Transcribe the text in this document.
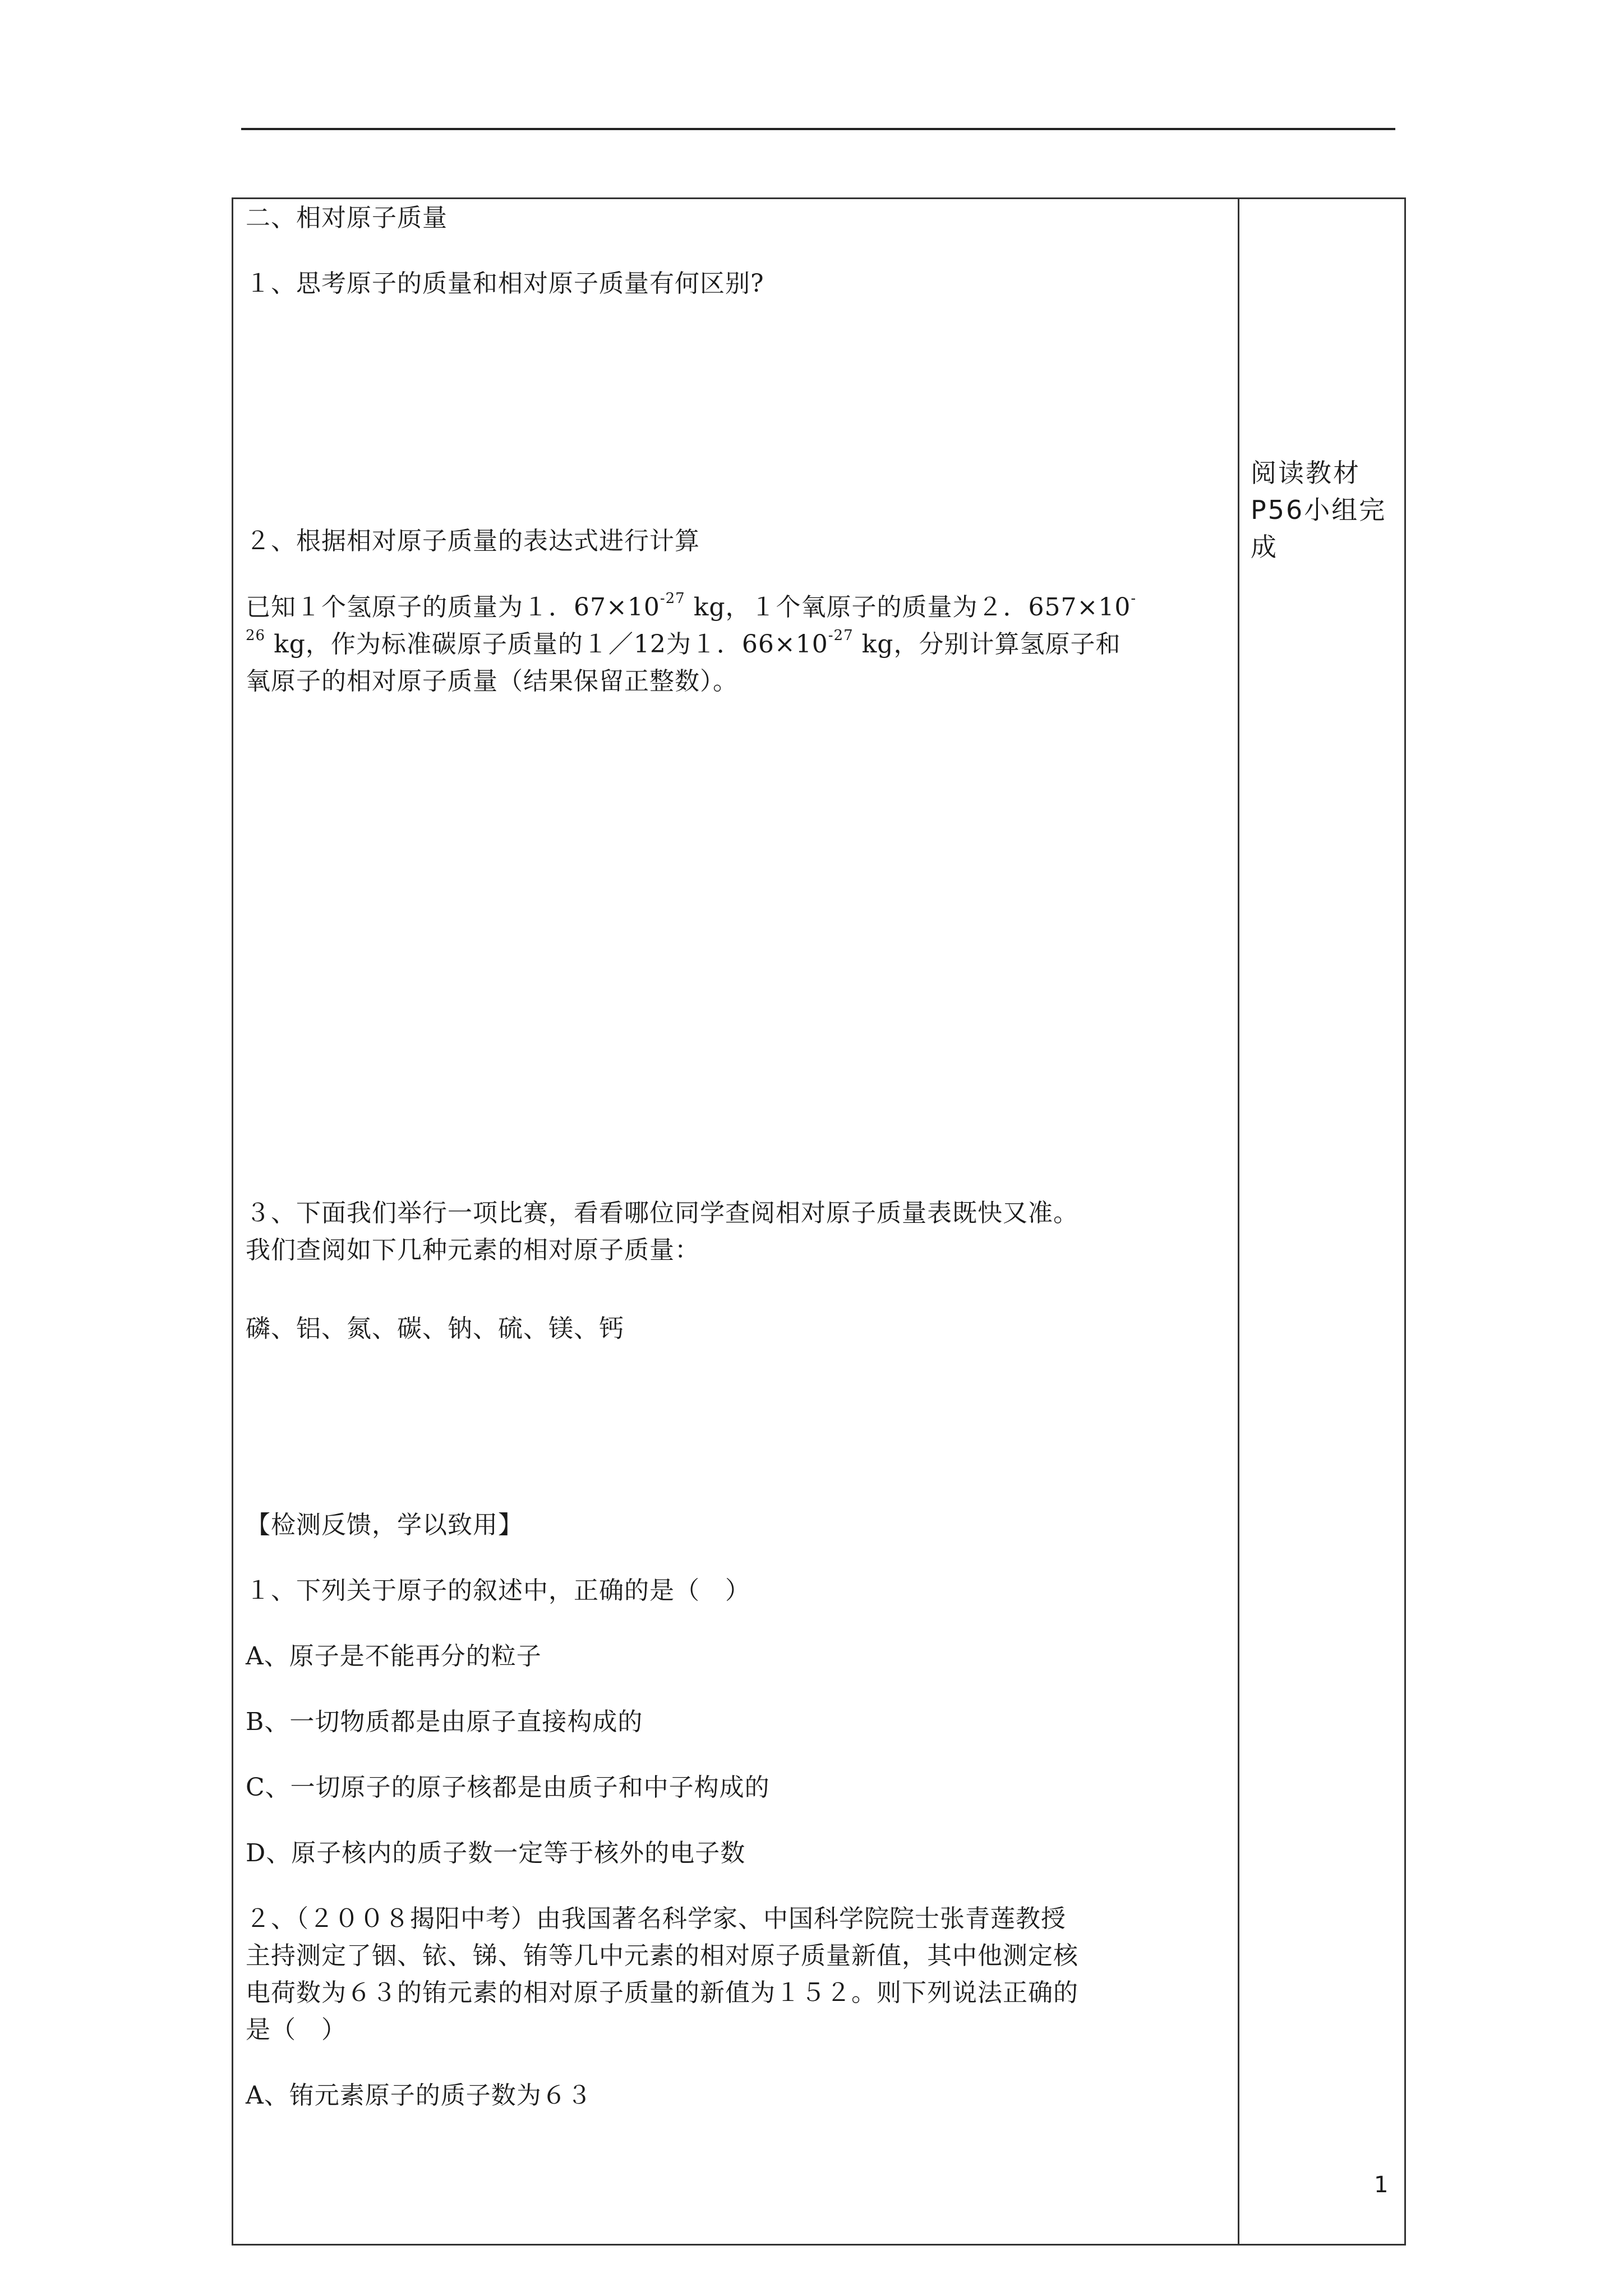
二、相对原子质量
１、思考原子的质量和相对原子质量有何区别?
２、根据相对原子质量的表达式进行计算
已知１个氢原子的质量为１．$67\times 10^{-27}$ kg，１个氧原子的质量为２．657×10-
$^{26}$ kg，作为标准碳原子质量的１／12为１．$66\times 10^{-27}$ kg，分别计算氢原子和
氧原子的相对原子质量（结果保留正整数）。
３、下面我们举行一项比赛，看看哪位同学查阅相对原子质量表既快又准。
我们查阅如下几种元素的相对原子质量：
磷、铝、氮、碳、钠、硫、镁、钙
【检测反馈，学以致用】
１、下列关于原子的叙述中，正确的是（　）
A、原子是不能再分的粒子
B、一切物质都是由原子直接构成的
C、一切原子的原子核都是由质子和中子构成的
D、原子核内的质子数一定等于核外的电子数
２、（２００８揭阳中考）由我国著名科学家、中国科学院院士张青莲教授
主持测定了铟、铱、锑、铕等几中元素的相对原子质量新值，其中他测定核
电荷数为６３的铕元素的相对原子质量的新值为１５２。则下列说法正确的
是（　）
A、铕元素原子的质子数为６３
阅读教材
P56小组完
成
1
